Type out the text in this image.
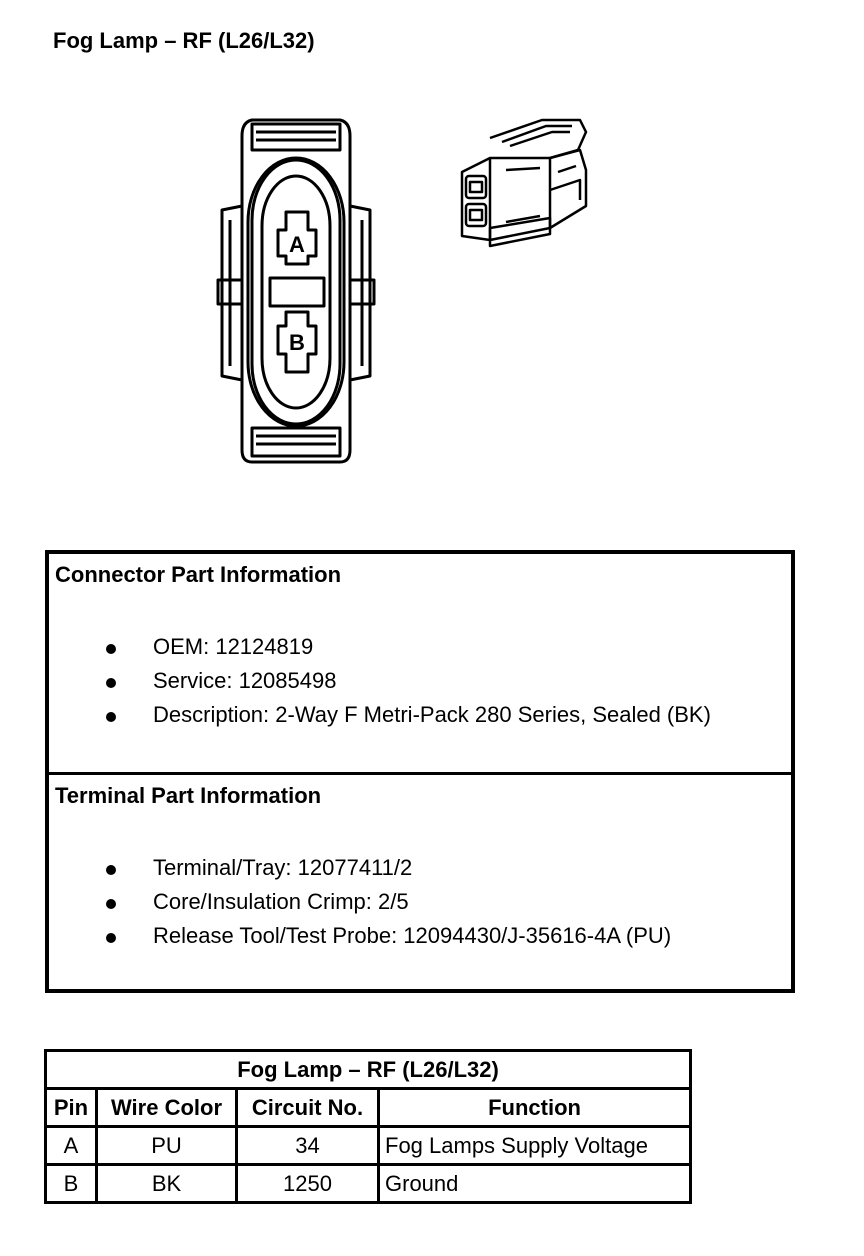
Fog Lamp – RF (L26/L32)
A
B
Connector Part Information
OEM: 12124819
Service: 12085498
Description: 2-Way F Metri-Pack 280 Series, Sealed (BK)
Terminal Part Information
Terminal/Tray: 12077411/2
Core/Insulation Crimp: 2/5
Release Tool/Test Probe: 12094430/J-35616-4A (PU)
Fog Lamp – RF (L26/L32)			
Pin	Wire Color	Circuit No.	Function
A	PU	34	Fog Lamps Supply Voltage
B	BK	1250	Ground
